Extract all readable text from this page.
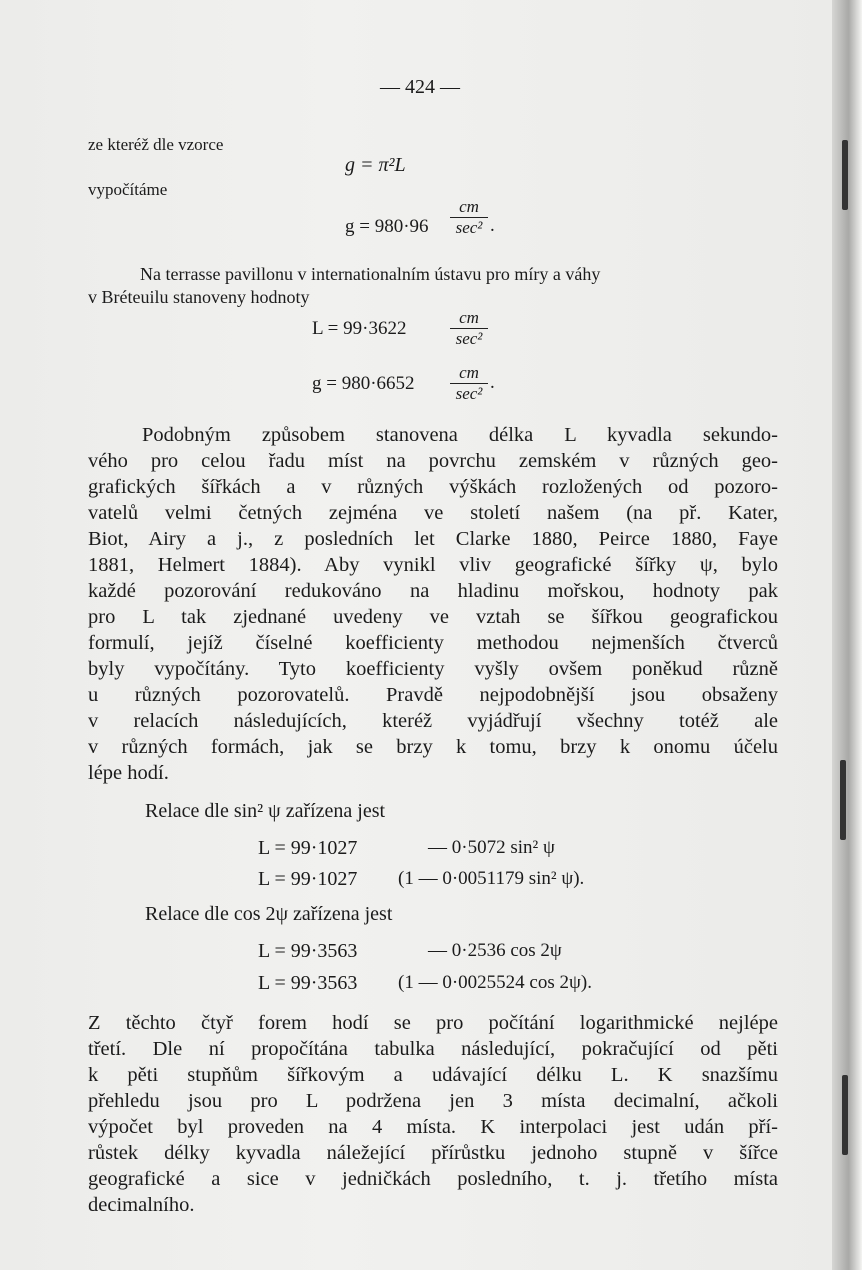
— 424 —
ze kteréž dle vzorce
g = π²L
vypočítáme
g = 980·96
cm
sec² .
Na terrasse pavillonu v internationalním ústavu pro míry a váhy
v Bréteuilu stanoveny hodnoty
L = 99·3622
cm
sec²
g = 980·6652
cm
sec²
.
Podobným způsobem stanovena délka L kyvadla sekundo-
vého pro celou řadu míst na povrchu zemském v různých geo-
grafických šířkách a v různých výškách rozložených od pozoro-
vatelů velmi četných zejména ve století našem (na př. Kater,
Biot, Airy a j., z posledních let Clarke 1880, Peirce 1880, Faye
1881, Helmert 1884). Aby vynikl vliv geografické šířky ψ, bylo
každé pozorování redukováno na hladinu mořskou, hodnoty pak
pro L tak zjednané uvedeny ve vztah se šířkou geografickou
formulí, jejíž číselné koefficienty methodou nejmenších čtverců
byly vypočítány. Tyto koefficienty vyšly ovšem poněkud různě
u různých pozorovatelů. Pravdě nejpodobnější jsou obsaženy
v relacích následujících, kteréž vyjádřují všechny totéž ale
v různých formách, jak se brzy k tomu, brzy k onomu účelu
lépe hodí.
Relace dle sin² ψ zařízena jest
L = 99·1027	— 0·5072 sin² ψ
L = 99·1027 (1 — 0·0051179 sin² ψ).
Relace dle cos 2ψ zařízena jest
L = 99·3563	— 0·2536 cos 2ψ
L = 99·3563 (1 — 0·0025524 cos 2ψ).
Z těchto čtyř forem hodí se pro počítání logarithmické nejlépe
třetí. Dle ní propočítána tabulka následující, pokračující od pěti
k pěti stupňům šířkovým a udávající délku L. K snazšímu
přehledu jsou pro L podržena jen 3 místa decimalní, ačkoli
výpočet byl proveden na 4 místa. K interpolaci jest udán pří-
růstek délky kyvadla náležející přírůstku jednoho stupně v šířce
geografické a sice v jedničkách posledního, t. j. třetího místa
decimalního.
